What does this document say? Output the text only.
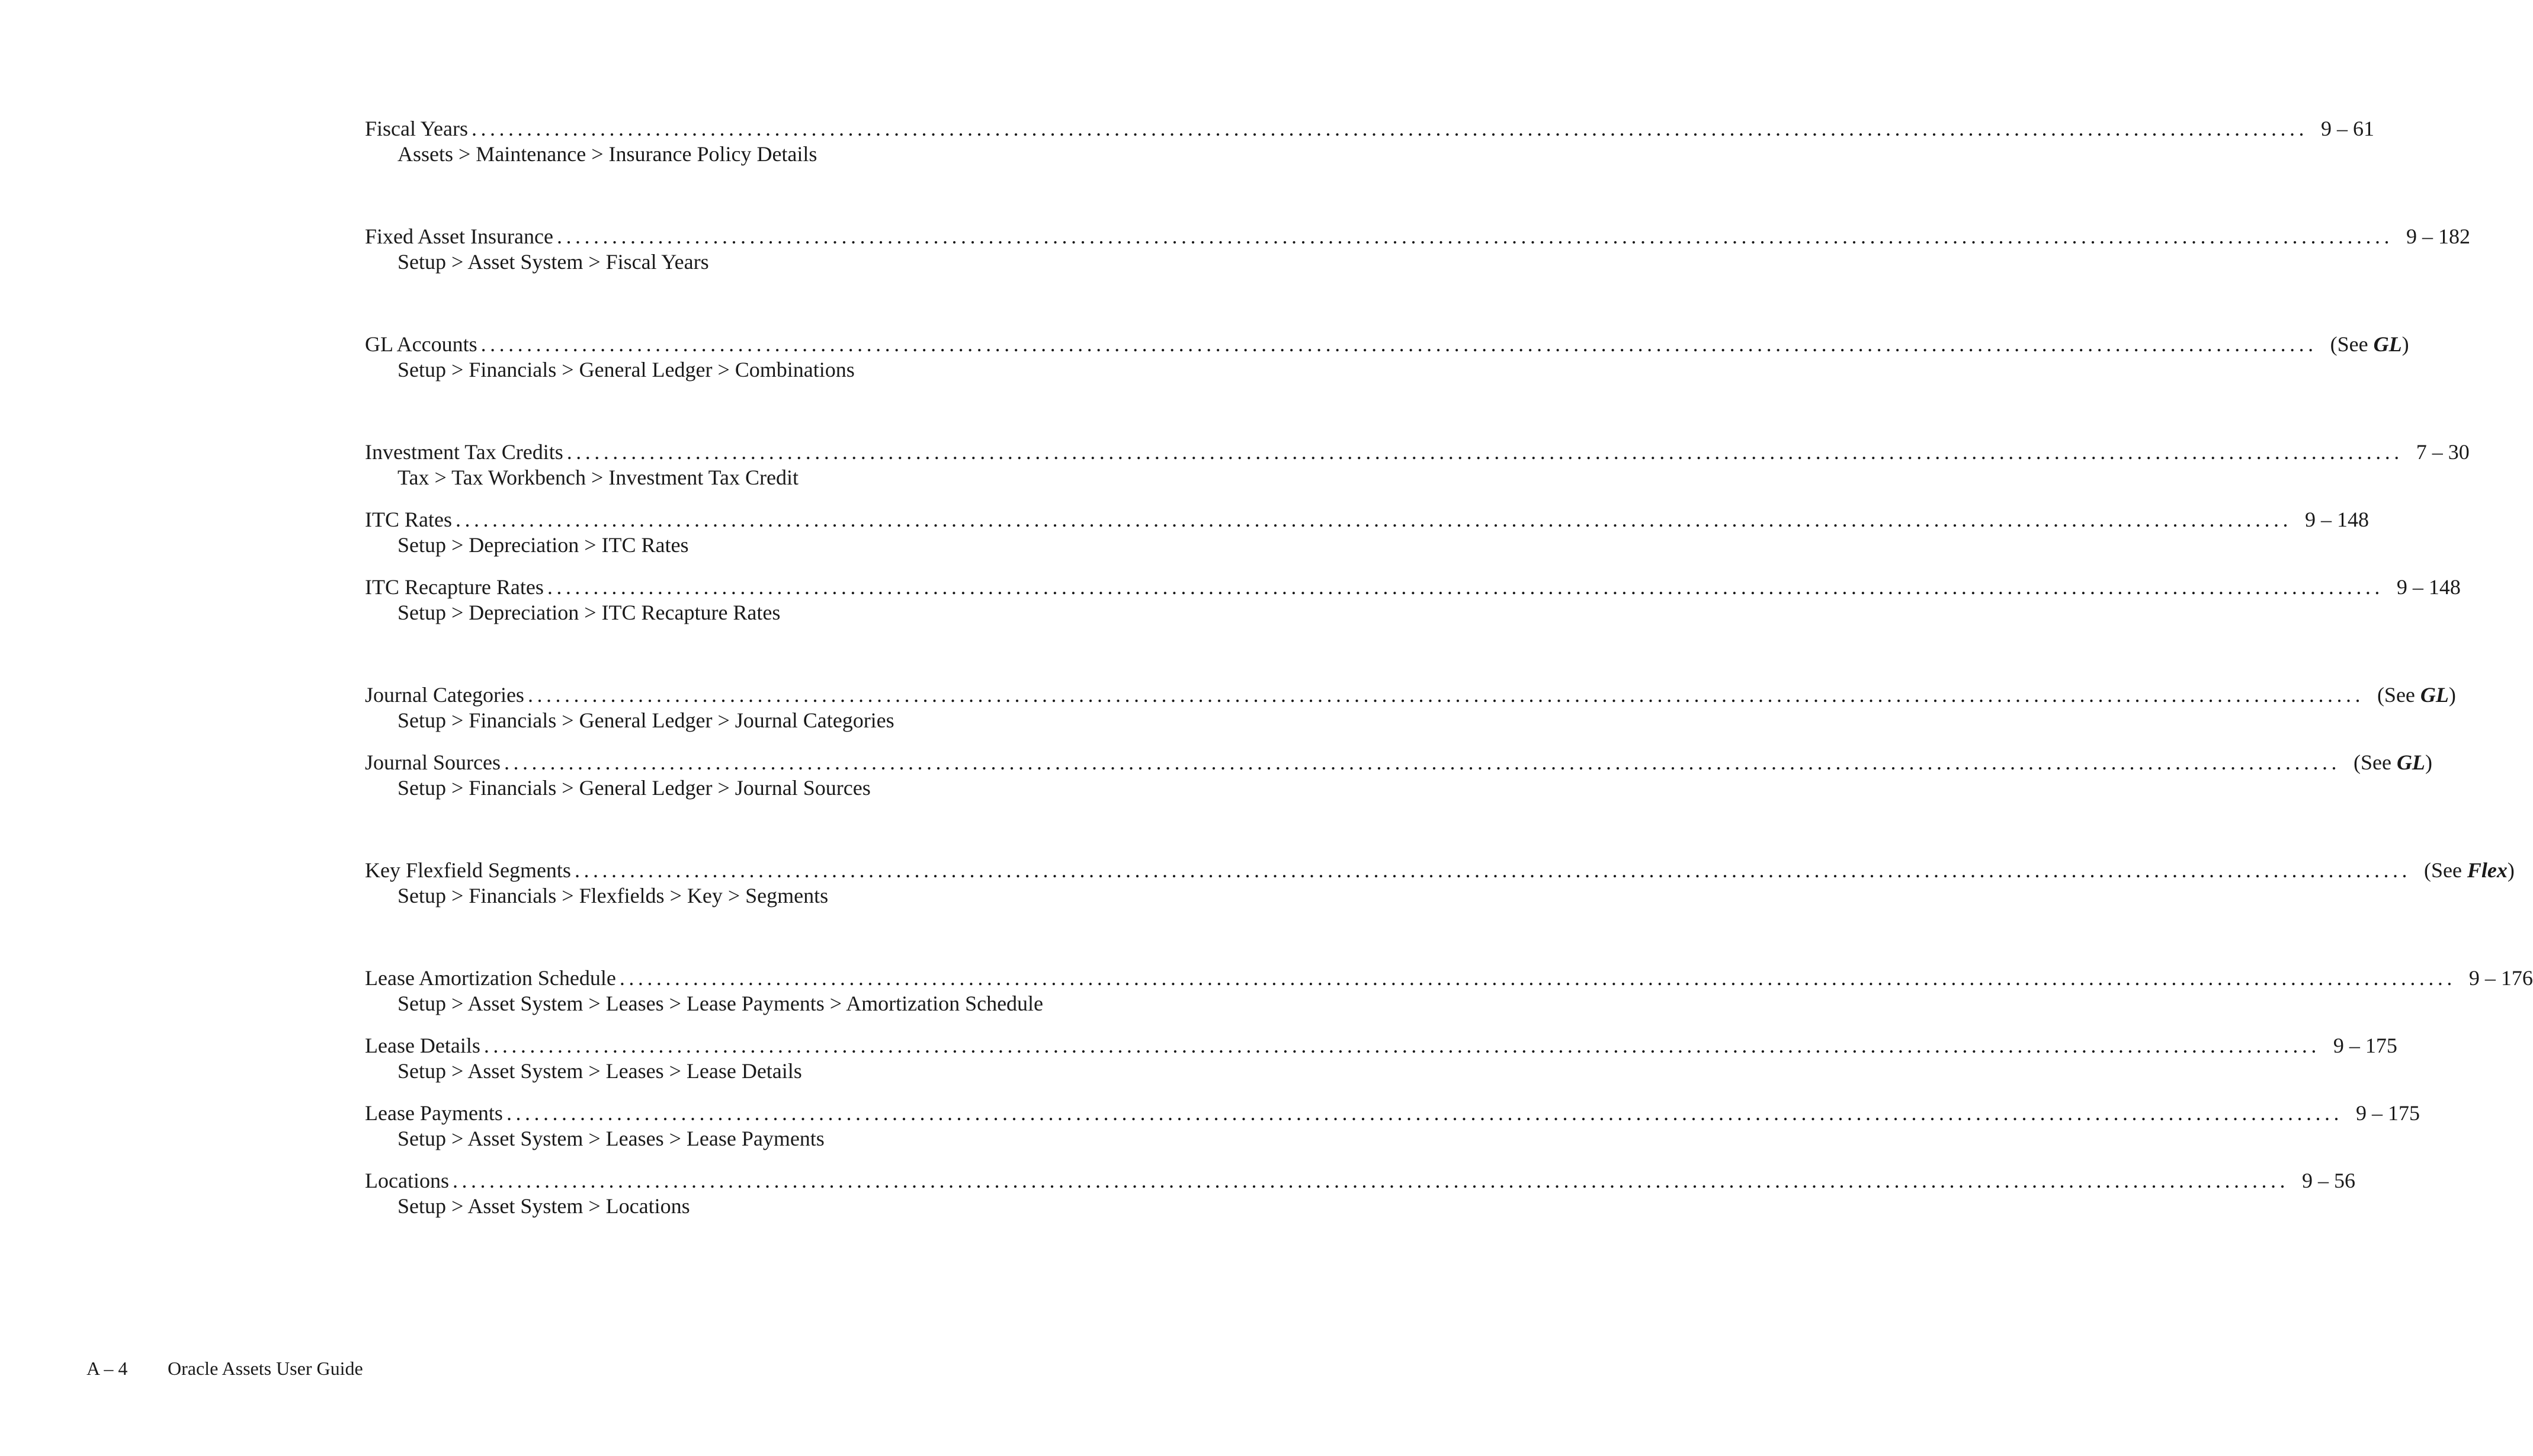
Fiscal Years ........................................................................................................................................................................................................ 9 – 61
Assets > Maintenance > Insurance Policy Details
Fixed Asset Insurance ........................................................................................................................................................................................................ 9 – 182
Setup > Asset System > Fiscal Years
GL Accounts ........................................................................................................................................................................................................ (See GL)
Setup > Financials > General Ledger > Combinations
Investment Tax Credits ........................................................................................................................................................................................................ 7 – 30
Tax > Tax Workbench > Investment Tax Credit
ITC Rates ........................................................................................................................................................................................................ 9 – 148
Setup > Depreciation > ITC Rates
ITC Recapture Rates ........................................................................................................................................................................................................ 9 – 148
Setup > Depreciation > ITC Recapture Rates
Journal Categories ........................................................................................................................................................................................................ (See GL)
Setup > Financials > General Ledger > Journal Categories
Journal Sources ........................................................................................................................................................................................................ (See GL)
Setup > Financials > General Ledger > Journal Sources
Key Flexfield Segments ........................................................................................................................................................................................................ (See Flex)
Setup > Financials > Flexfields > Key > Segments
Lease Amortization Schedule ........................................................................................................................................................................................................ 9 – 176
Setup > Asset System > Leases > Lease Payments > Amortization Schedule
Lease Details ........................................................................................................................................................................................................ 9 – 175
Setup > Asset System > Leases > Lease Details
Lease Payments ........................................................................................................................................................................................................ 9 – 175
Setup > Asset System > Leases > Lease Payments
Locations ........................................................................................................................................................................................................ 9 – 56
Setup > Asset System > Locations
A – 4 Oracle Assets User Guide
